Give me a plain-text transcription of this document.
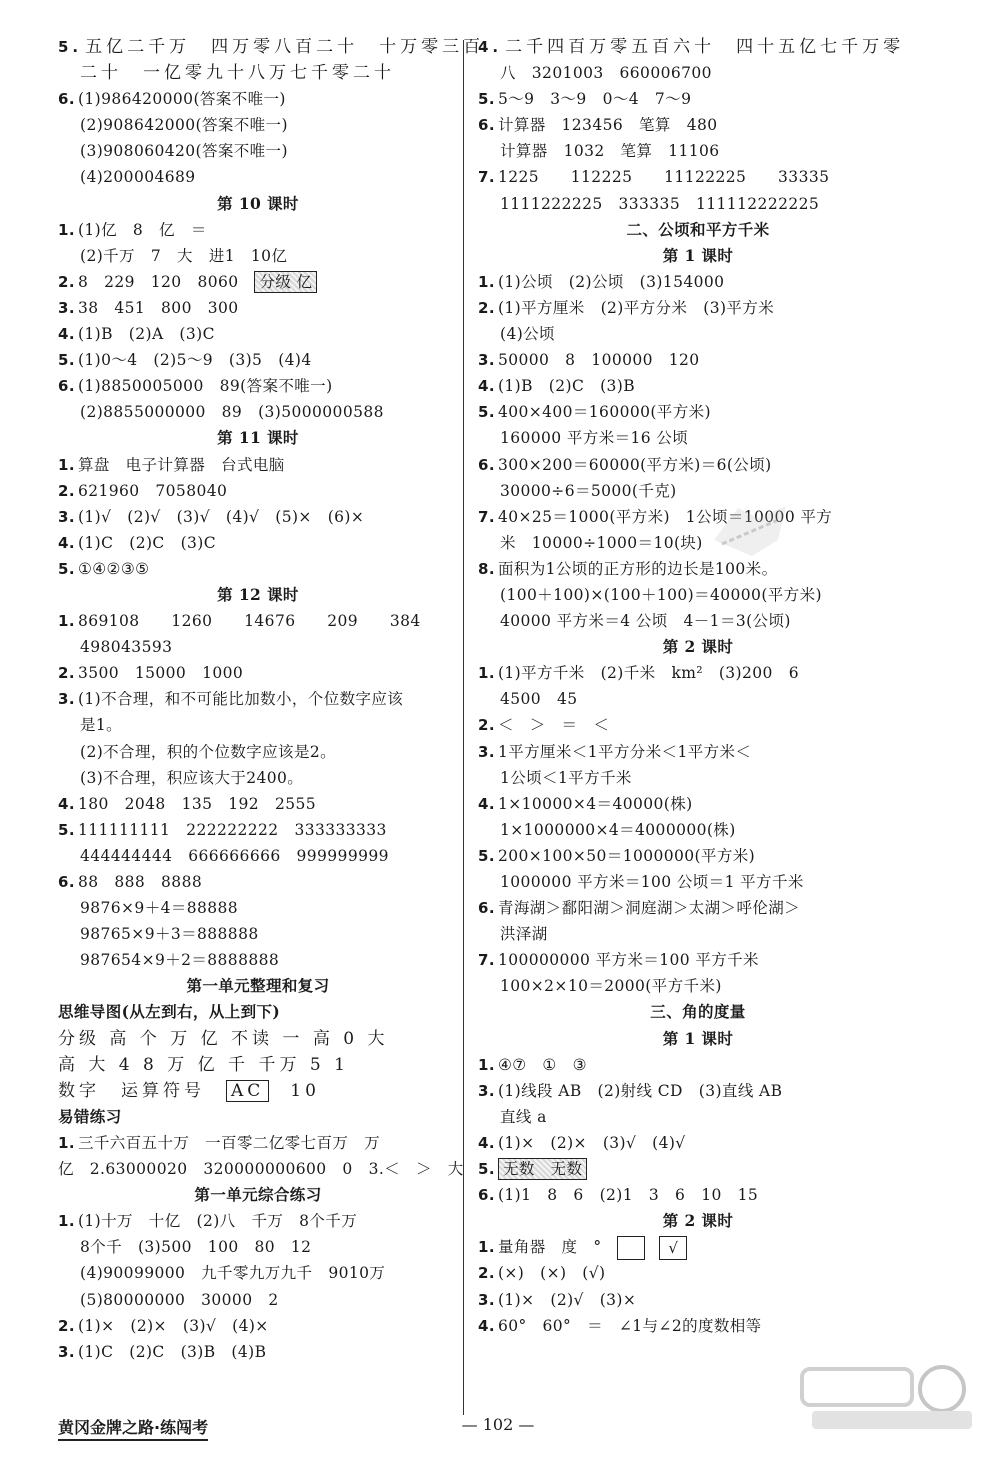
5. 五亿二千万　四万零八百二十　十万零三百
二十　一亿零九十八万七千零二十
6. (1)986420000(答案不唯一)
(2)908642000(答案不唯一)
(3)908060420(答案不唯一)
(4)200004689
第 10 课时
1. (1)亿　8　亿　＝
(2)千万　7　大　进1　10亿
2. 8　229　120　8060　分级 亿
3. 38　451　800　300
4. (1)B　(2)A　(3)C
5. (1)0～4　(2)5～9　(3)5　(4)4
6. (1)8850005000　89(答案不唯一)
(2)8855000000　89　(3)5000000588
第 11 课时
1. 算盘　电子计算器　台式电脑
2. 621960　7058040
3. (1)√　(2)√　(3)√　(4)√　(5)×　(6)×
4. (1)C　(2)C　(3)C
5. ①④②③⑤
第 12 课时
1. 869108　　1260　　14676　　209　　384
498043593
2. 3500　15000　1000
3. (1)不合理，和不可能比加数小，个位数字应该
是1。
(2)不合理，积的个位数字应该是2。
(3)不合理，积应该大于2400。
4. 180　2048　135　192　2555
5. 111111111　222222222　333333333
444444444　666666666　999999999
6. 88　888　8888
9876×9＋4＝88888
98765×9＋3＝888888
987654×9＋2＝8888888
第一单元整理和复习
思维导图(从左到右，从上到下)
分级 高 个 万 亿 不读 一 高 0 大
高 大 4 8 万 亿 千 千万 5 1
数字　运算符号　AC　10
易错练习
1. 三千六百五十万　一百零二亿零七百万　万
亿　2.63000020　320000000600　0　3.＜　＞　大
第一单元综合练习
1. (1)十万　十亿　(2)八　千万　8个千万
8个千　(3)500　100　80　12
(4)90099000　九千零九万九千　9010万
(5)80000000　30000　2
2. (1)×　(2)×　(3)√　(4)×
3. (1)C　(2)C　(3)B　(4)B
4. 二千四百万零五百六十　四十五亿七千万零
八　3201003　660006700
5. 5～9　3～9　0～4　7～9
6. 计算器　123456　笔算　480
计算器　1032　笔算　11106
7. 1225　　112225　　11122225　　33335
1111222225　333335　111112222225
二、公顷和平方千米
第 1 课时
1. (1)公顷　(2)公顷　(3)154000
2. (1)平方厘米　(2)平方分米　(3)平方米
(4)公顷
3. 50000　8　100000　120
4. (1)B　(2)C　(3)B
5. 400×400＝160000(平方米)
160000 平方米＝16 公顷
6. 300×200＝60000(平方米)＝6(公顷)
30000÷6＝5000(千克)
7. 40×25＝1000(平方米)　1公顷＝10000 平方
米　10000÷1000＝10(块)
8. 面积为1公顷的正方形的边长是100米。
(100＋100)×(100＋100)＝40000(平方米)
40000 平方米＝4 公顷　4－1＝3(公顷)
第 2 课时
1. (1)平方千米　(2)千米　km²　(3)200　6
4500　45
2. ＜　＞　＝　＜
3. 1平方厘米＜1平方分米＜1平方米＜
1公顷＜1平方千米
4. 1×10000×4＝40000(株)
1×1000000×4＝4000000(株)
5. 200×100×50＝1000000(平方米)
1000000 平方米＝100 公顷＝1 平方千米
6. 青海湖＞鄱阳湖＞洞庭湖＞太湖＞呼伦湖＞
洪泽湖
7. 100000000 平方米＝100 平方千米
100×2×10＝2000(平方千米)
三、角的度量
第 1 课时
1. ④⑦　①　③
3. (1)线段 AB　(2)射线 CD　(3)直线 AB
直线 a
4. (1)×　(2)×　(3)√　(4)√
5. 无数　无数
6. (1)1　8　6　(2)1　3　6　10　15
第 2 课时
1. 量角器　度　°　	√
2. (×)　(×)　(√)
3. (1)×　(2)√　(3)×
4. 60°　60°　＝　∠1与∠2的度数相等
— 102 —
黄冈金牌之路·练闯考
